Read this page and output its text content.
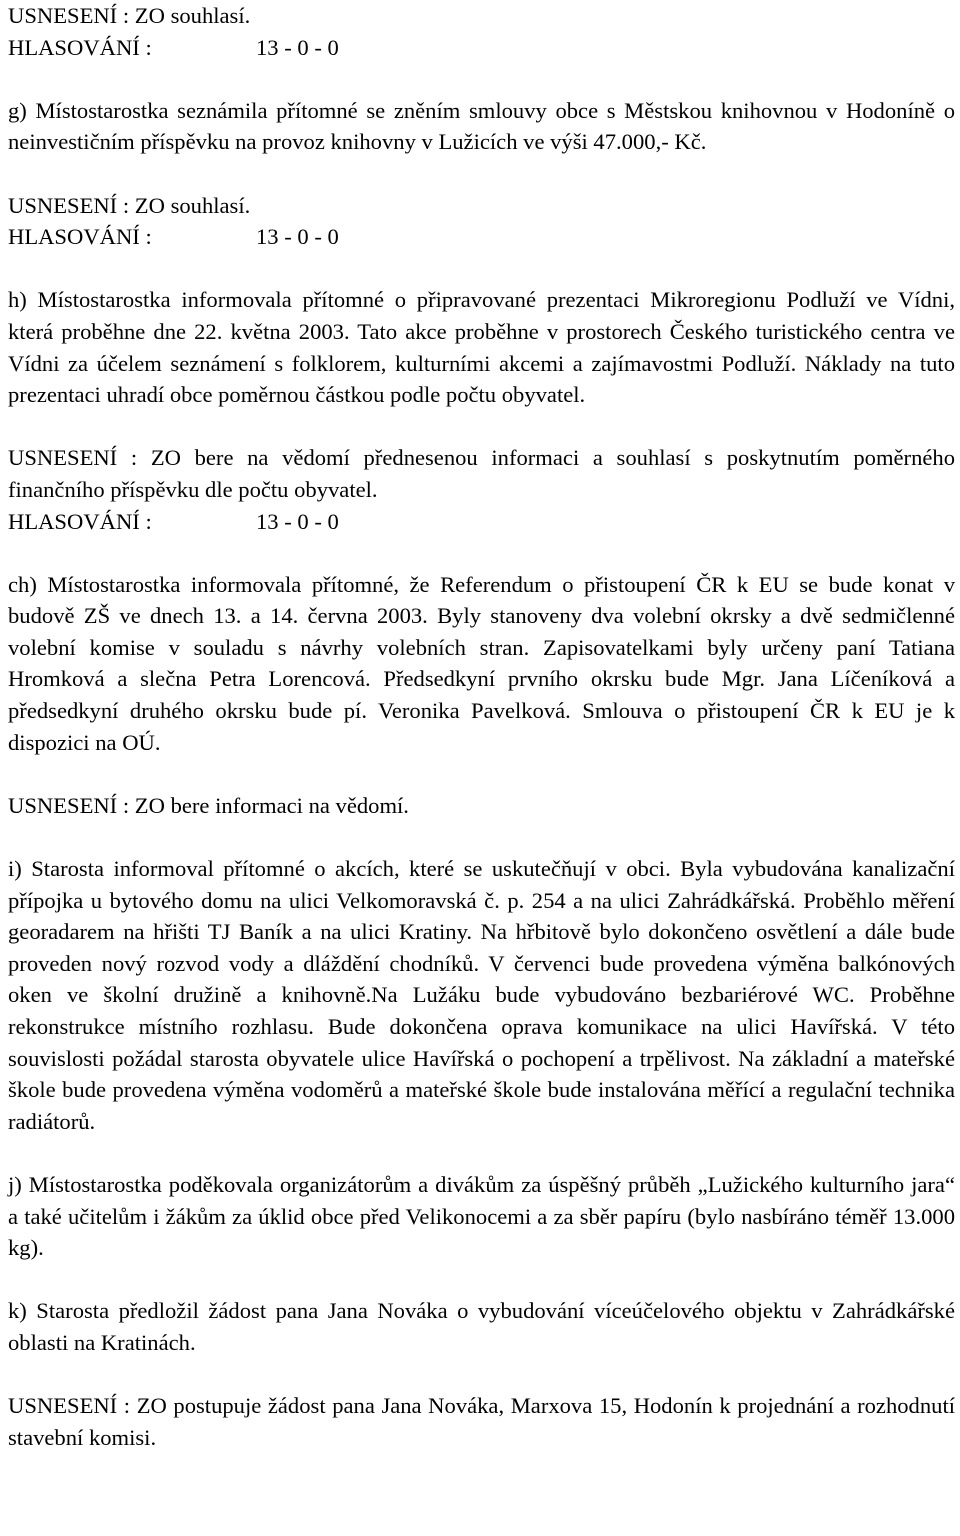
USNESENÍ : ZO souhlasí.

HLASOVÁNÍ :	13 - 0 - 0

g) Místostarostka seznámila přítomné se zněním smlouvy obce s Městskou knihovnou v Hodoníně o neinvestičním příspěvku na provoz knihovny v Lužicích ve výši 47.000,- Kč.

USNESENÍ : ZO souhlasí.

HLASOVÁNÍ :	13 - 0 - 0

h) Místostarostka informovala přítomné o připravované prezentaci Mikroregionu Podluží ve Vídni, která proběhne dne 22. května 2003. Tato akce proběhne v prostorech Českého turistického centra ve Vídni za účelem seznámení s folklorem, kulturními akcemi a zajímavostmi Podluží. Náklady na tuto prezentaci uhradí obce poměrnou částkou podle počtu obyvatel.

USNESENÍ : ZO bere na vědomí přednesenou informaci a souhlasí s poskytnutím poměrného finančního příspěvku dle počtu obyvatel.

HLASOVÁNÍ :	13 - 0 - 0

ch) Místostarostka informovala přítomné, že Referendum o přistoupení ČR k EU se bude konat v budově ZŠ ve dnech 13. a 14. června 2003. Byly stanoveny dva volební okrsky a dvě sedmičlenné volební komise v souladu s návrhy volebních stran. Zapisovatelkami byly určeny paní Tatiana Hromková a slečna Petra Lorencová. Předsedkyní prvního okrsku bude Mgr. Jana Líčeníková a předsedkyní druhého okrsku bude pí. Veronika Pavelková. Smlouva o přistoupení ČR k EU je k dispozici na OÚ.

USNESENÍ : ZO bere informaci na vědomí.

i) Starosta informoval přítomné o akcích, které se uskutečňují v obci. Byla vybudována kanalizační přípojka u bytového domu na ulici Velkomoravská č. p. 254 a na ulici Zahrádkářská. Proběhlo měření georadarem na hřišti TJ Baník a na ulici Kratiny. Na hřbitově bylo dokončeno osvětlení a dále bude proveden nový rozvod vody a dláždění chodníků. V červenci bude provedena výměna balkónových oken ve školní družině a knihovně.Na Lužáku bude vybudováno bezbariérové WC. Proběhne rekonstrukce místního rozhlasu. Bude dokončena oprava komunikace na ulici Havířská. V této souvislosti požádal starosta obyvatele ulice Havířská o pochopení a trpělivost. Na základní a mateřské škole bude provedena výměna vodoměrů a mateřské škole bude instalována měřící a regulační technika radiátorů.

j) Místostarostka poděkovala organizátorům a divákům za úspěšný průběh „Lužického kulturního jara“ a také učitelům i žákům za úklid obce před Velikonocemi a za sběr papíru (bylo nasbíráno téměř 13.000 kg).

k) Starosta předložil žádost pana Jana Nováka o vybudování víceúčelového objektu v Zahrádkářské oblasti na Kratinách.

USNESENÍ : ZO postupuje žádost pana Jana Nováka, Marxova 15, Hodonín k projednání a rozhodnutí stavební komisi.
